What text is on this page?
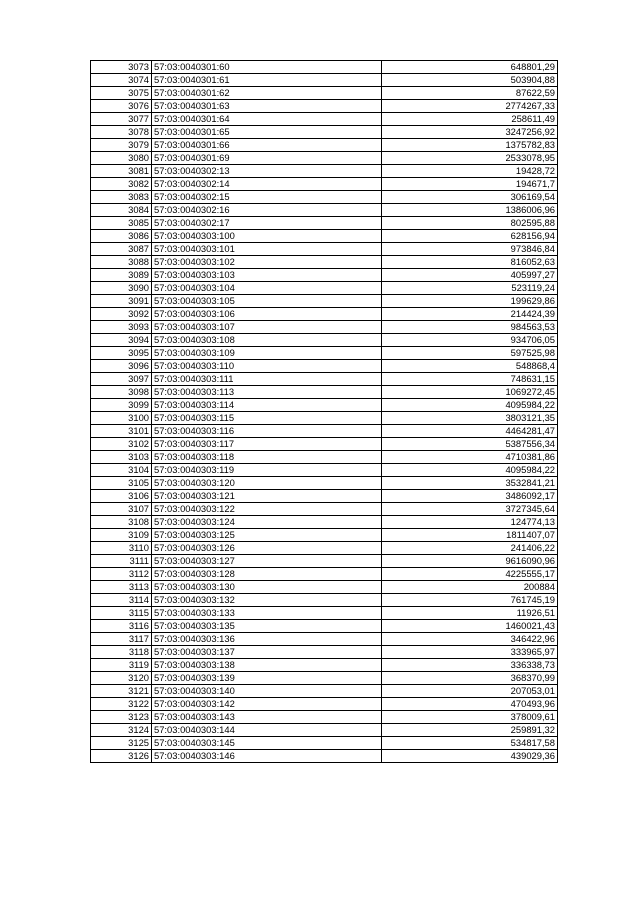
3073	57:03:0040301:60	648801,29
3074	57:03:0040301:61	503904,88
3075	57:03:0040301:62	87622,59
3076	57:03:0040301:63	2774267,33
3077	57:03:0040301:64	258611,49
3078	57:03:0040301:65	3247256,92
3079	57:03:0040301:66	1375782,83
3080	57:03:0040301:69	2533078,95
3081	57:03:0040302:13	19428,72
3082	57:03:0040302:14	194671,7
3083	57:03:0040302:15	306169,54
3084	57:03:0040302:16	1386006,96
3085	57:03:0040302:17	802595,88
3086	57:03:0040303:100	628156,94
3087	57:03:0040303:101	973846,84
3088	57:03:0040303:102	816052,63
3089	57:03:0040303:103	405997,27
3090	57:03:0040303:104	523119,24
3091	57:03:0040303:105	199629,86
3092	57:03:0040303:106	214424,39
3093	57:03:0040303:107	984563,53
3094	57:03:0040303:108	934706,05
3095	57:03:0040303:109	597525,98
3096	57:03:0040303:110	548868,4
3097	57:03:0040303:111	748631,15
3098	57:03:0040303:113	1069272,45
3099	57:03:0040303:114	4095984,22
3100	57:03:0040303:115	3803121,35
3101	57:03:0040303:116	4464281,47
3102	57:03:0040303:117	5387556,34
3103	57:03:0040303:118	4710381,86
3104	57:03:0040303:119	4095984,22
3105	57:03:0040303:120	3532841,21
3106	57:03:0040303:121	3486092,17
3107	57:03:0040303:122	3727345,64
3108	57:03:0040303:124	124774,13
3109	57:03:0040303:125	1811407,07
3110	57:03:0040303:126	241406,22
3111	57:03:0040303:127	9616090,96
3112	57:03:0040303:128	4225555,17
3113	57:03:0040303:130	200884
3114	57:03:0040303:132	761745,19
3115	57:03:0040303:133	11926,51
3116	57:03:0040303:135	1460021,43
3117	57:03:0040303:136	346422,96
3118	57:03:0040303:137	333965,97
3119	57:03:0040303:138	336338,73
3120	57:03:0040303:139	368370,99
3121	57:03:0040303:140	207053,01
3122	57:03:0040303:142	470493,96
3123	57:03:0040303:143	378009,61
3124	57:03:0040303:144	259891,32
3125	57:03:0040303:145	534817,58
3126	57:03:0040303:146	439029,36
